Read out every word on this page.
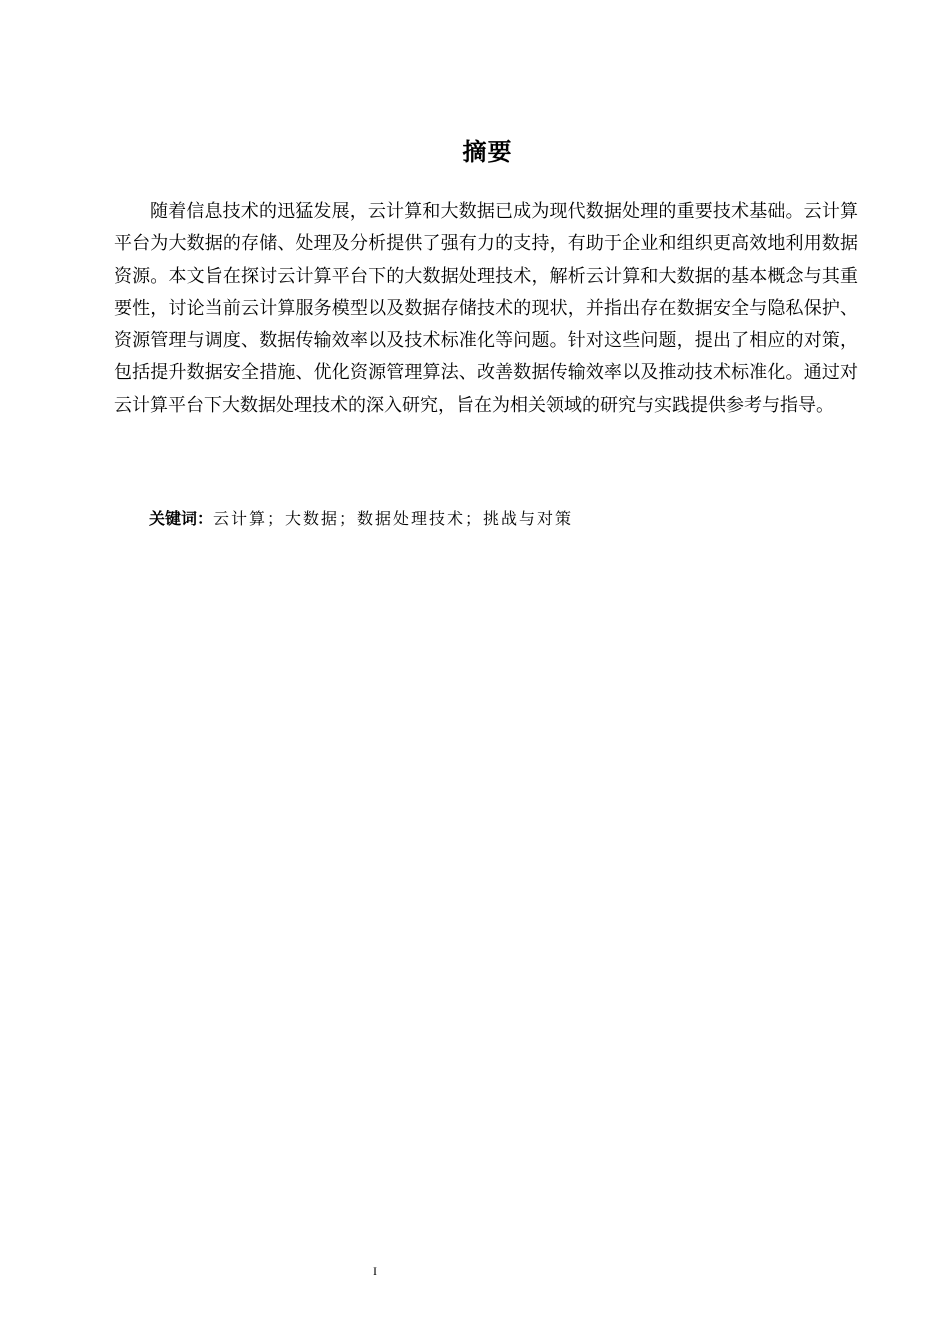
摘要

随着信息技术的迅猛发展，云计算和大数据已成为现代数据处理的重要技术基础。云计算平台为大数据的存储、处理及分析提供了强有力的支持，有助于企业和组织更高效地利用数据资源。本文旨在探讨云计算平台下的大数据处理技术，解析云计算和大数据的基本概念与其重要性，讨论当前云计算服务模型以及数据存储技术的现状，并指出存在数据安全与隐私保护、资源管理与调度、数据传输效率以及技术标准化等问题。针对这些问题，提出了相应的对策，包括提升数据安全措施、优化资源管理算法、改善数据传输效率以及推动技术标准化。通过对云计算平台下大数据处理技术的深入研究，旨在为相关领域的研究与实践提供参考与指导。

关键词：云计算；大数据；数据处理技术；挑战与对策
I
